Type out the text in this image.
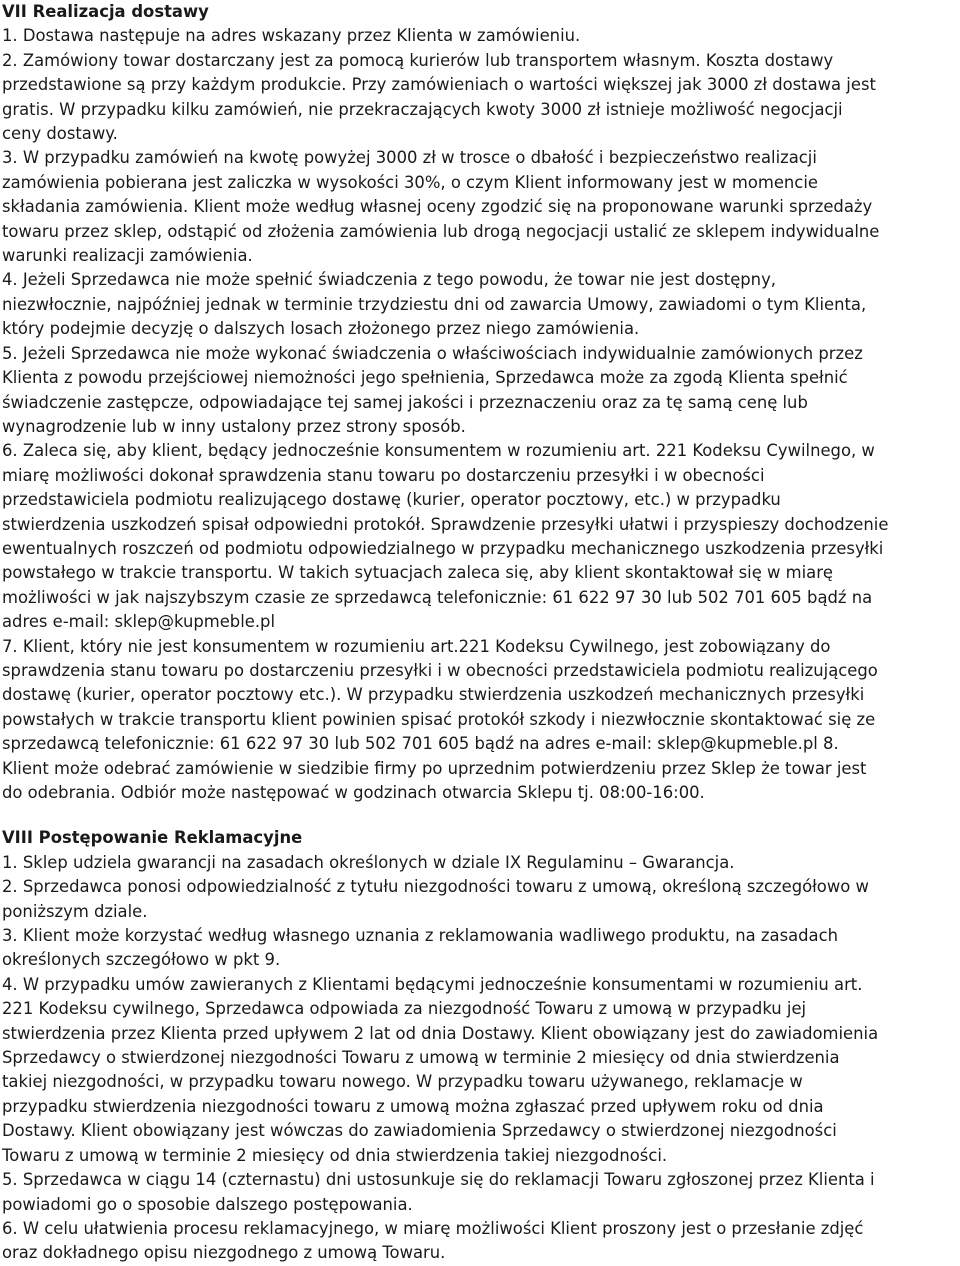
VII Realizacja dostawy
1. Dostawa następuje na adres wskazany przez Klienta w zamówieniu.
2. Zamówiony towar dostarczany jest za pomocą kurierów lub transportem własnym. Koszta dostawy
przedstawione są przy każdym produkcie. Przy zamówieniach o wartości większej jak 3000 zł dostawa jest
gratis. W przypadku kilku zamówień, nie przekraczających kwoty 3000 zł istnieje możliwość negocjacji
ceny dostawy.
3. W przypadku zamówień na kwotę powyżej 3000 zł w trosce o dbałość i bezpieczeństwo realizacji
zamówienia pobierana jest zaliczka w wysokości 30%, o czym Klient informowany jest w momencie
składania zamówienia. Klient może według własnej oceny zgodzić się na proponowane warunki sprzedaży
towaru przez sklep, odstąpić od złożenia zamówienia lub drogą negocjacji ustalić ze sklepem indywidualne
warunki realizacji zamówienia.
4. Jeżeli Sprzedawca nie może spełnić świadczenia z tego powodu, że towar nie jest dostępny,
niezwłocznie, najpóźniej jednak w terminie trzydziestu dni od zawarcia Umowy, zawiadomi o tym Klienta,
który podejmie decyzję o dalszych losach złożonego przez niego zamówienia.
5. Jeżeli Sprzedawca nie może wykonać świadczenia o właściwościach indywidualnie zamówionych przez
Klienta z powodu przejściowej niemożności jego spełnienia, Sprzedawca może za zgodą Klienta spełnić
świadczenie zastępcze, odpowiadające tej samej jakości i przeznaczeniu oraz za tę samą cenę lub
wynagrodzenie lub w inny ustalony przez strony sposób.
6. Zaleca się, aby klient, będący jednocześnie konsumentem w rozumieniu art. 221 Kodeksu Cywilnego, w
miarę możliwości dokonał sprawdzenia stanu towaru po dostarczeniu przesyłki i w obecności
przedstawiciela podmiotu realizującego dostawę (kurier, operator pocztowy, etc.) w przypadku
stwierdzenia uszkodzeń spisał odpowiedni protokół. Sprawdzenie przesyłki ułatwi i przyspieszy dochodzenie
ewentualnych roszczeń od podmiotu odpowiedzialnego w przypadku mechanicznego uszkodzenia przesyłki
powstałego w trakcie transportu. W takich sytuacjach zaleca się, aby klient skontaktował się w miarę
możliwości w jak najszybszym czasie ze sprzedawcą telefonicznie: 61 622 97 30 lub 502 701 605 bądź na
adres e-mail: sklep@kupmeble.pl
7. Klient, który nie jest konsumentem w rozumieniu art.221 Kodeksu Cywilnego, jest zobowiązany do
sprawdzenia stanu towaru po dostarczeniu przesyłki i w obecności przedstawiciela podmiotu realizującego
dostawę (kurier, operator pocztowy etc.). W przypadku stwierdzenia uszkodzeń mechanicznych przesyłki
powstałych w trakcie transportu klient powinien spisać protokół szkody i niezwłocznie skontaktować się ze
sprzedawcą telefonicznie: 61 622 97 30 lub 502 701 605 bądź na adres e-mail: sklep@kupmeble.pl 8.
Klient może odebrać zamówienie w siedzibie firmy po uprzednim potwierdzeniu przez Sklep że towar jest
do odebrania. Odbiór może następować w godzinach otwarcia Sklepu tj. 08:00-16:00.
VIII Postępowanie Reklamacyjne
1. Sklep udziela gwarancji na zasadach określonych w dziale IX Regulaminu – Gwarancja.
2. Sprzedawca ponosi odpowiedzialność z tytułu niezgodności towaru z umową, określoną szczegółowo w
poniższym dziale.
3. Klient może korzystać według własnego uznania z reklamowania wadliwego produktu, na zasadach
określonych szczegółowo w pkt 9.
4. W przypadku umów zawieranych z Klientami będącymi jednocześnie konsumentami w rozumieniu art.
221 Kodeksu cywilnego, Sprzedawca odpowiada za niezgodność Towaru z umową w przypadku jej
stwierdzenia przez Klienta przed upływem 2 lat od dnia Dostawy. Klient obowiązany jest do zawiadomienia
Sprzedawcy o stwierdzonej niezgodności Towaru z umową w terminie 2 miesięcy od dnia stwierdzenia
takiej niezgodności, w przypadku towaru nowego. W przypadku towaru używanego, reklamacje w
przypadku stwierdzenia niezgodności towaru z umową można zgłaszać przed upływem roku od dnia
Dostawy. Klient obowiązany jest wówczas do zawiadomienia Sprzedawcy o stwierdzonej niezgodności
Towaru z umową w terminie 2 miesięcy od dnia stwierdzenia takiej niezgodności.
5. Sprzedawca w ciągu 14 (czternastu) dni ustosunkuje się do reklamacji Towaru zgłoszonej przez Klienta i
powiadomi go o sposobie dalszego postępowania.
6. W celu ułatwienia procesu reklamacyjnego, w miarę możliwości Klient proszony jest o przesłanie zdjęć
oraz dokładnego opisu niezgodnego z umową Towaru.
